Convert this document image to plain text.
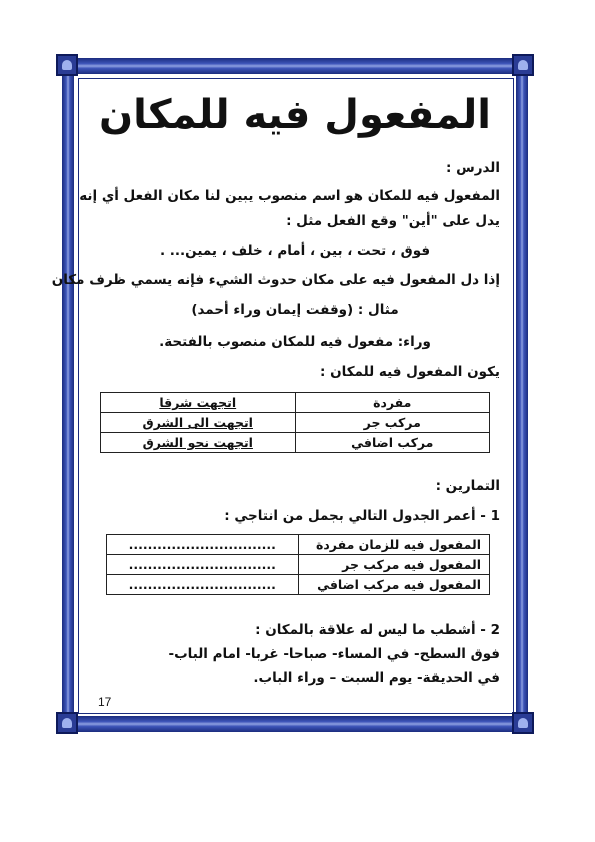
المفعول فيه للمكان
الدرس :
المفعول فيه للمكان هو اسم منصوب يبين لنا مكان الفعل أي إنه
يدل على "أين" وقع الفعل مثل :
فوق ، تحت ، بين ، أمام ، خلف ، يمين... .
إذا دل المفعول فيه على مكان حدوث الشيء فإنه يسمي ظرف مكان
مثال : (وقفت إيمان وراء أحمد)
وراء: مفعول فيه للمكان منصوب بالفتحة.
يكون المفعول فيه للمكان :
مفردة	اتجهت شرقا
مركب جر	اتجهت الى الشرق
مركب اضافي	اتجهت نحو الشرق
التمارين :
1 - أعمر الجدول التالي بجمل من انتاجي :
المفعول فيه للزمان مفردة	...............................
المفعول فيه مركب جر	...............................
المفعول فيه مركب اضافي	...............................
2 - أشطب ما ليس له علاقة بالمكان :
فوق السطح- في المساء- صباحا- غربا- امام الباب-
في الحديقة- يوم السبت – وراء الباب.
17
